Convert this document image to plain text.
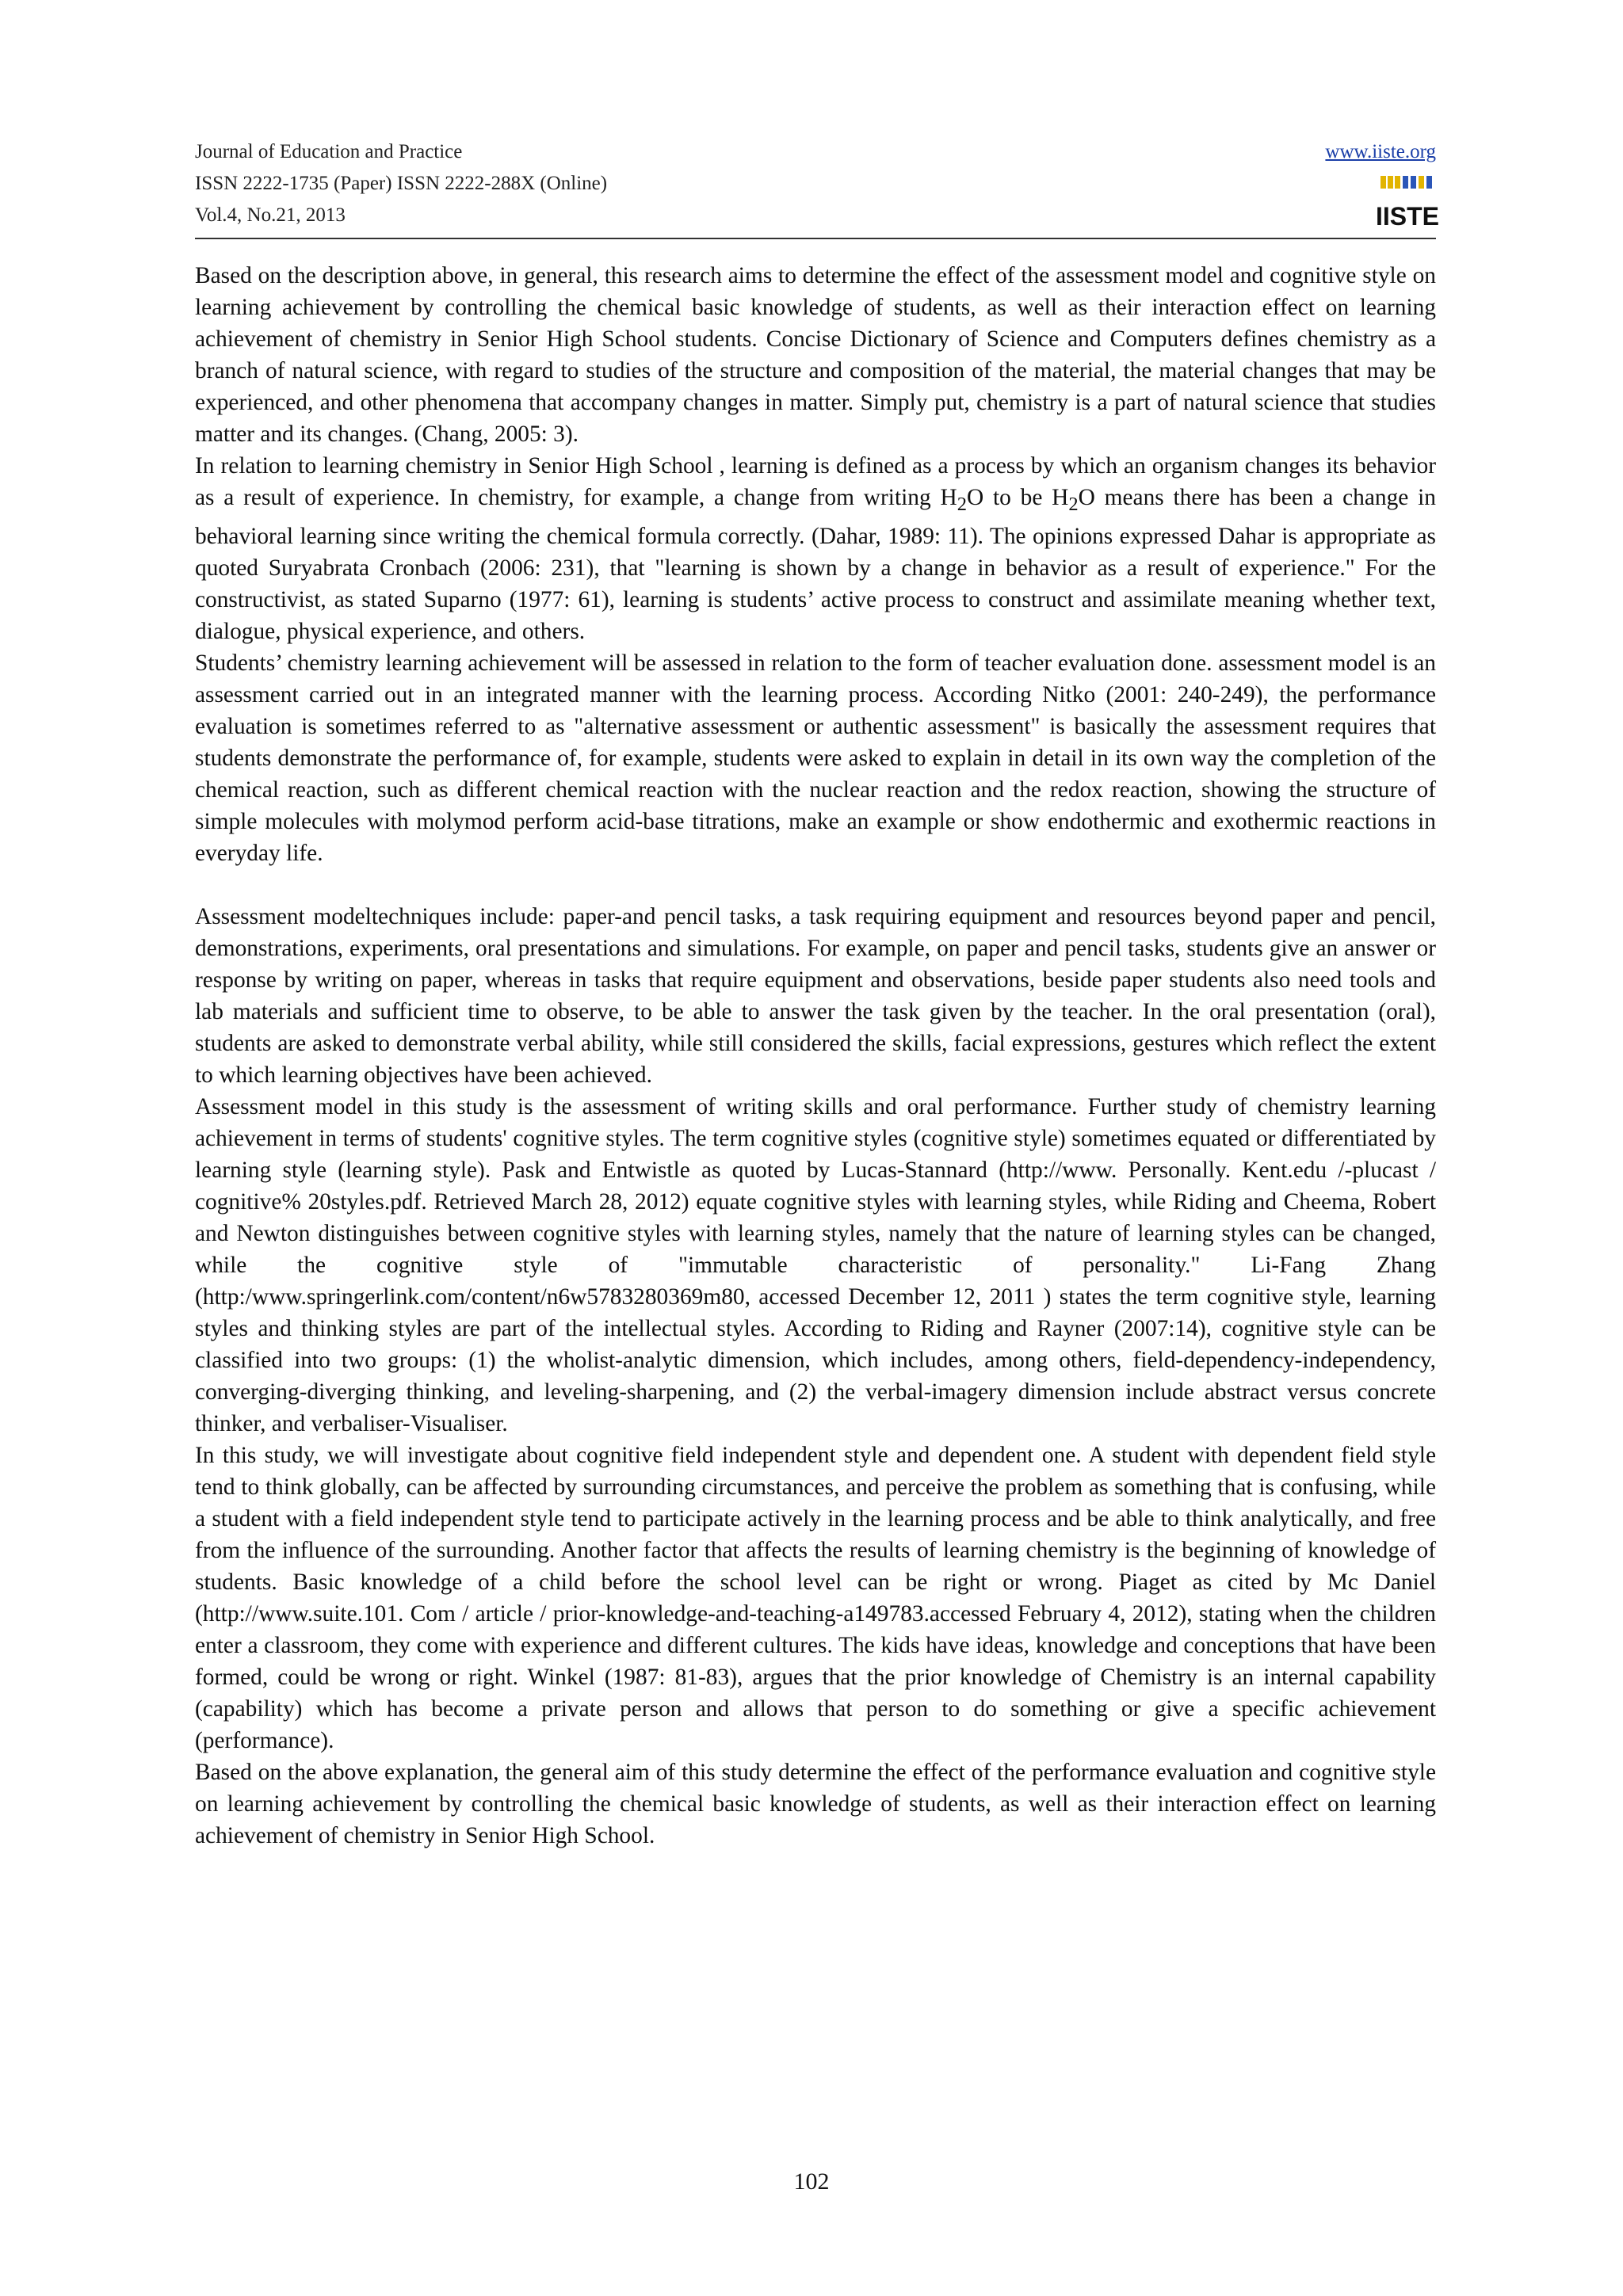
Journal of Education and Practice
ISSN 2222-1735 (Paper) ISSN 2222-288X (Online)
Vol.4, No.21, 2013
www.iiste.org
IISTE

Based on the description above, in general, this research aims to determine the effect of the assessment model and cognitive style on learning achievement by controlling the chemical basic knowledge of students, as well as their interaction effect on learning achievement of chemistry in Senior High School students. Concise Dictionary of Science and Computers defines chemistry as a branch of natural science, with regard to studies of the structure and composition of the material, the material changes that may be experienced, and other phenomena that accompany changes in matter. Simply put, chemistry is a part of natural science that studies matter and its changes. (Chang, 2005: 3).

In relation to learning chemistry in Senior High School , learning is defined as a process by which an organism changes its behavior as a result of experience. In chemistry, for example, a change from writing $H_2O$ to be $H_2O$ means there has been a change in behavioral learning since writing the chemical formula correctly. (Dahar, 1989: 11). The opinions expressed Dahar is appropriate as quoted Suryabrata Cronbach (2006: 231), that "learning is shown by a change in behavior as a result of experience." For the constructivist, as stated Suparno (1977: 61), learning is students’ active process to construct and assimilate meaning whether text, dialogue, physical experience, and others.

Students’ chemistry learning achievement will be assessed in relation to the form of teacher evaluation done. assessment model is an assessment carried out in an integrated manner with the learning process. According Nitko (2001: 240-249), the performance evaluation is sometimes referred to as "alternative assessment or authentic assessment" is basically the assessment requires that students demonstrate the performance of, for example, students were asked to explain in detail in its own way the completion of the chemical reaction, such as different chemical reaction with the nuclear reaction and the redox reaction, showing the structure of simple molecules with molymod perform acid-base titrations, make an example or show endothermic and exothermic reactions in everyday life.

Assessment modeltechniques include: paper-and pencil tasks, a task requiring equipment and resources beyond paper and pencil, demonstrations, experiments, oral presentations and simulations. For example, on paper and pencil tasks, students give an answer or response by writing on paper, whereas in tasks that require equipment and observations, beside paper students also need tools and lab materials and sufficient time to observe, to be able to answer the task given by the teacher. In the oral presentation (oral), students are asked to demonstrate verbal ability, while still considered the skills, facial expressions, gestures which reflect the extent to which learning objectives have been achieved.

Assessment model in this study is the assessment of writing skills and oral performance. Further study of chemistry learning achievement in terms of students' cognitive styles. The term cognitive styles (cognitive style) sometimes equated or differentiated by learning style (learning style). Pask and Entwistle as quoted by Lucas-Stannard (http://www. Personally. Kent.edu /-plucast / cognitive% 20styles.pdf. Retrieved March 28, 2012) equate cognitive styles with learning styles, while Riding and Cheema, Robert and Newton distinguishes between cognitive styles with learning styles, namely that the nature of learning styles can be changed, while the cognitive style of "immutable characteristic of personality." Li-Fang Zhang (http:/www.springerlink.com/content/n6w5783280369m80, accessed December 12, 2011 ) states the term cognitive style, learning styles and thinking styles are part of the intellectual styles. According to Riding and Rayner (2007:14), cognitive style can be classified into two groups: (1) the wholist-analytic dimension, which includes, among others, field-dependency-independency, converging-diverging thinking, and leveling-sharpening, and (2) the verbal-imagery dimension include abstract versus concrete thinker, and verbaliser-Visualiser.

In this study, we will investigate about cognitive field independent style and dependent one. A student with dependent field style tend to think globally, can be affected by surrounding circumstances, and perceive the problem as something that is confusing, while a student with a field independent style tend to participate actively in the learning process and be able to think analytically, and free from the influence of the surrounding. Another factor that affects the results of learning chemistry is the beginning of knowledge of students. Basic knowledge of a child before the school level can be right or wrong. Piaget as cited by Mc Daniel (http://www.suite.101. Com / article / prior-knowledge-and-teaching-a149783.accessed February 4, 2012), stating when the children enter a classroom, they come with experience and different cultures. The kids have ideas, knowledge and conceptions that have been formed, could be wrong or right. Winkel (1987: 81-83), argues that the prior knowledge of Chemistry is an internal capability (capability) which has become a private person and allows that person to do something or give a specific achievement (performance).

Based on the above explanation, the general aim of this study determine the effect of the performance evaluation and cognitive style on learning achievement by controlling the chemical basic knowledge of students, as well as their interaction effect on learning achievement of chemistry in Senior High School.

102
